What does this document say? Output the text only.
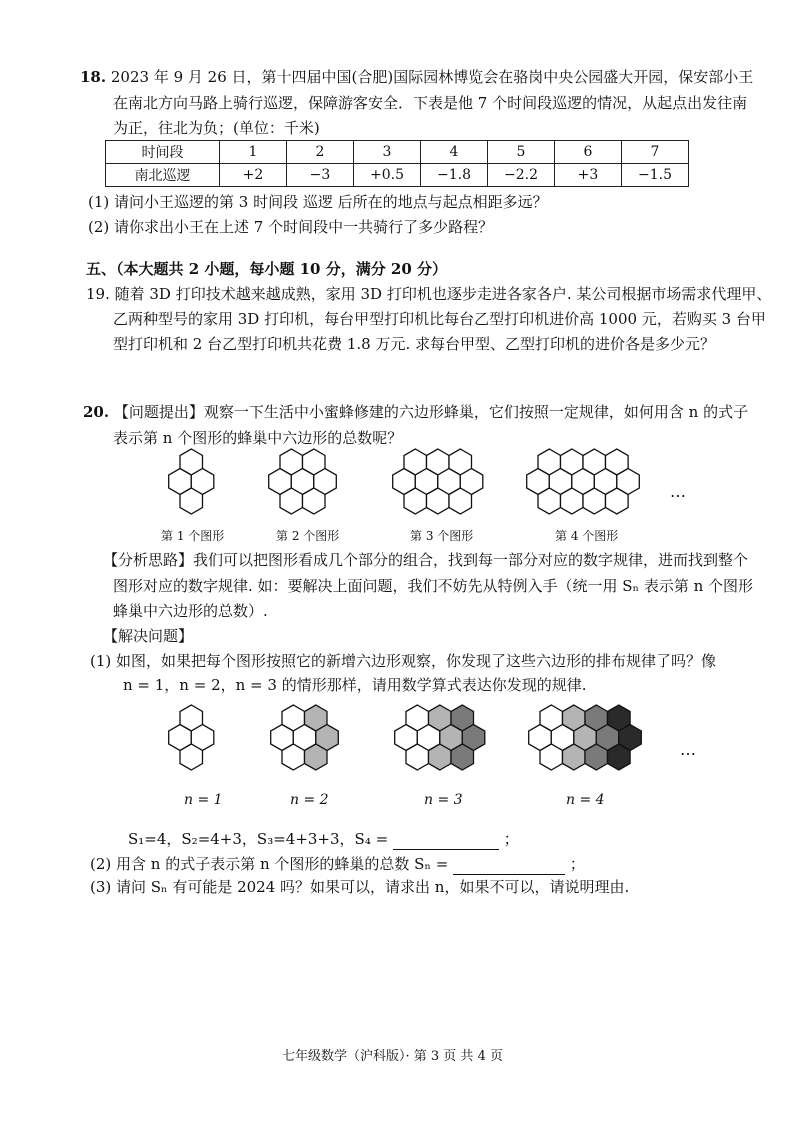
18. 2023 年 9 月 26 日，第十四届中国(合肥)国际园林博览会在骆岗中央公园盛大开园，保安部小王
在南北方向马路上骑行巡逻，保障游客安全．下表是他 7 个时间段巡逻的情况，从起点出发往南
为正，往北为负；(单位：千米)
时间段	1	2	3	4	5	6	7
南北巡逻	+2	−3	+0.5	−1.8	−2.2	+3	−1.5
(1) 请问小王巡逻的第 3 时间段 巡逻 后所在的地点与起点相距多远？
(2) 请你求出小王在上述 7 个时间段中一共骑行了多少路程？
五、（本大题共 2 小题，每小题 10 分，满分 20 分）
19. 随着 3D 打印技术越来越成熟，家用 3D 打印机也逐步走进各家各户. 某公司根据市场需求代理甲、
乙两种型号的家用 3D 打印机，每台甲型打印机比每台乙型打印机进价高 1000 元，若购买 3 台甲
型打印机和 2 台乙型打印机共花费 1.8 万元. 求每台甲型、乙型打印机的进价各是多少元？
20. 【问题提出】观察一下生活中小蜜蜂修建的六边形蜂巢，它们按照一定规律，如何用含 n 的式子
表示第 n 个图形的蜂巢中六边形的总数呢？
第 1 个图形	第 2 个图形	第 3 个图形	第 4 个图形
…
【分析思路】我们可以把图形看成几个部分的组合，找到每一部分对应的数字规律，进而找到整个
图形对应的数字规律. 如：要解决上面问题，我们不妨先从特例入手（统一用 Sₙ 表示第 n 个图形
蜂巢中六边形的总数）.
【解决问题】
(1) 如图，如果把每个图形按照它的新增六边形观察，你发现了这些六边形的排布规律了吗？像
n = 1，n = 2，n = 3 的情形那样，请用数学算式表达你发现的规律.
n = 1	n = 2	n = 3	n = 4
…
S₁=4，S₂=4+3，S₃=4+3+3，S₄ =	；
(2) 用含 n 的式子表示第 n 个图形的蜂巢的总数 Sₙ =	；
(3) 请问 Sₙ 有可能是 2024 吗？如果可以，请求出 n，如果不可以，请说明理由.
七年级数学（沪科版）· 第 3 页 共 4 页
